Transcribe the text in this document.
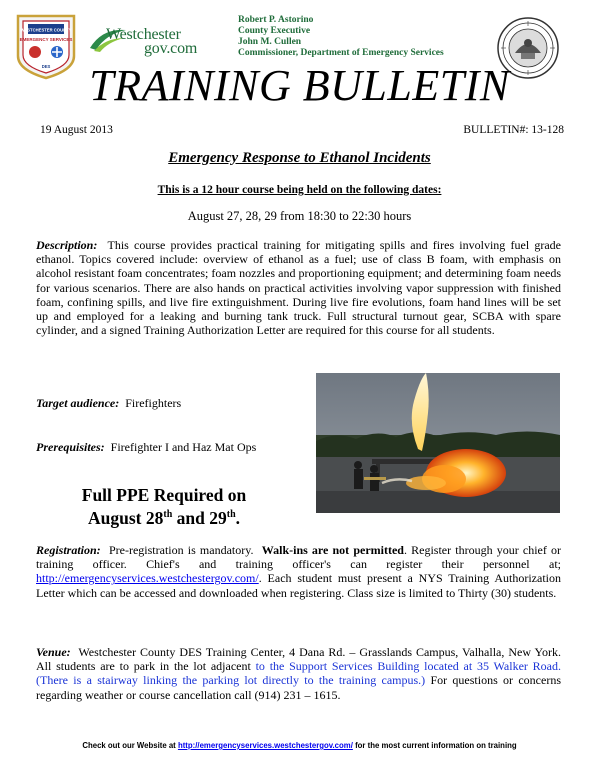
WESTCHESTER COUNTY
EMERGENCY SERVICES
DES
Westchester
gov.com
Robert P. Astorino
County Executive
John M. Cullen
Commissioner, Department of Emergency Services
TRAINING BULLETIN
19 August 2013	BULLETIN#: 13-128
Emergency Response to Ethanol Incidents
This is a 12 hour course being held on the following dates:
August 27, 28, 29 from 18:30 to 22:30 hours
Description: This course provides practical training for mitigating spills and fires involving fuel grade ethanol. Topics covered include: overview of ethanol as a fuel; use of class B foam, with emphasis on alcohol resistant foam concentrates; foam nozzles and proportioning equipment; and determining foam needs for various scenarios. There are also hands on practical activities involving vapor suppression with finished foam, confining spills, and live fire extinguishment. During live fire evolutions, foam hand lines will be set up and employed for a leaking and burning tank truck. Full structural turnout gear, SCBA with spare cylinder, and a signed Training Authorization Letter are required for this course for all students.
Target audience: Firefighters
Prerequisites: Firefighter I and Haz Mat Ops
Full PPE Required on
August 28th and 29th.
Registration: Pre-registration is mandatory. Walk-ins are not permitted. Register through your chief or training officer. Chief's and training officer's can register their personnel at; http://emergencyservices.westchestergov.com/. Each student must present a NYS Training Authorization Letter which can be accessed and downloaded when registering. Class size is limited to Thirty (30) students.
Venue: Westchester County DES Training Center, 4 Dana Rd. – Grasslands Campus, Valhalla, New York. All students are to park in the lot adjacent to the Support Services Building located at 35 Walker Road. (There is a stairway linking the parking lot directly to the training campus.) For questions or concerns regarding weather or course cancellation call (914) 231 – 1615.
Check out our Website at http://emergencyservices.westchestergov.com/ for the most current information on training
